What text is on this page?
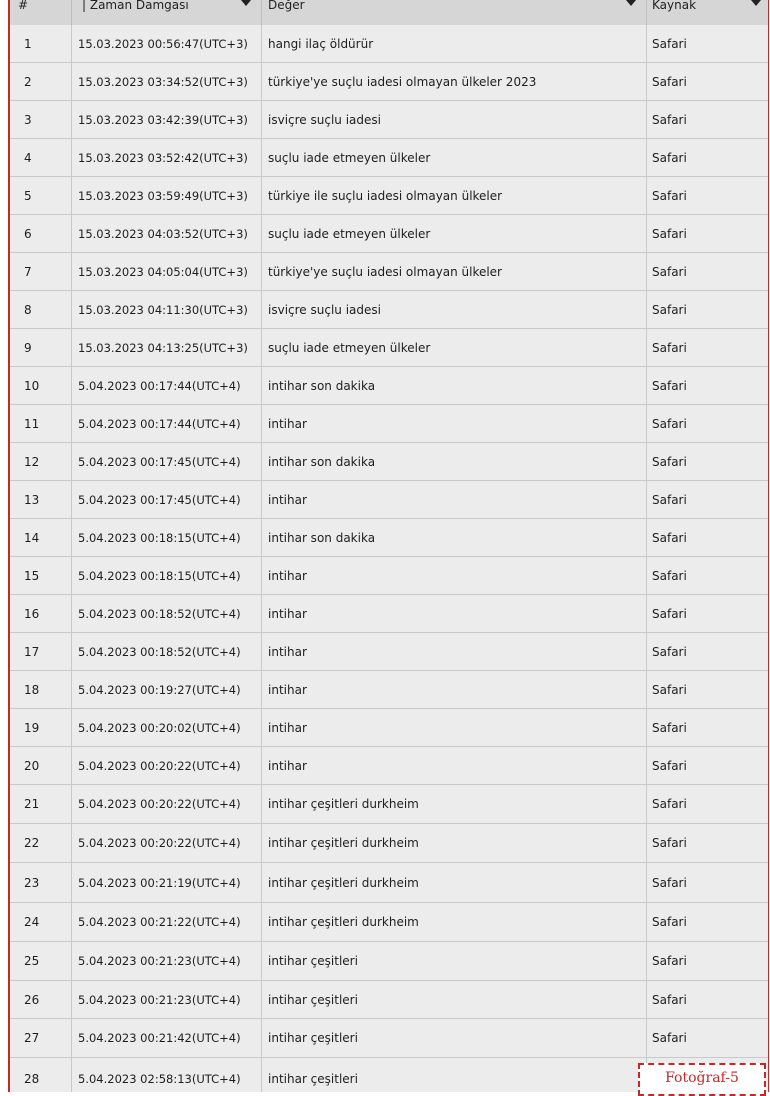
#	| Zaman Damgası	Değer	Kaynak
1	15.03.2023 00:56:47(UTC+3)	hangi ilaç öldürür	Safari
2	15.03.2023 03:34:52(UTC+3)	türkiye'ye suçlu iadesi olmayan ülkeler 2023	Safari
3	15.03.2023 03:42:39(UTC+3)	isviçre suçlu iadesi	Safari
4	15.03.2023 03:52:42(UTC+3)	suçlu iade etmeyen ülkeler	Safari
5	15.03.2023 03:59:49(UTC+3)	türkiye ile suçlu iadesi olmayan ülkeler	Safari
6	15.03.2023 04:03:52(UTC+3)	suçlu iade etmeyen ülkeler	Safari
7	15.03.2023 04:05:04(UTC+3)	türkiye'ye suçlu iadesi olmayan ülkeler	Safari
8	15.03.2023 04:11:30(UTC+3)	isviçre suçlu iadesi	Safari
9	15.03.2023 04:13:25(UTC+3)	suçlu iade etmeyen ülkeler	Safari
10	5.04.2023 00:17:44(UTC+4)	intihar son dakika	Safari
11	5.04.2023 00:17:44(UTC+4)	intihar	Safari
12	5.04.2023 00:17:45(UTC+4)	intihar son dakika	Safari
13	5.04.2023 00:17:45(UTC+4)	intihar	Safari
14	5.04.2023 00:18:15(UTC+4)	intihar son dakika	Safari
15	5.04.2023 00:18:15(UTC+4)	intihar	Safari
16	5.04.2023 00:18:52(UTC+4)	intihar	Safari
17	5.04.2023 00:18:52(UTC+4)	intihar	Safari
18	5.04.2023 00:19:27(UTC+4)	intihar	Safari
19	5.04.2023 00:20:02(UTC+4)	intihar	Safari
20	5.04.2023 00:20:22(UTC+4)	intihar	Safari
21	5.04.2023 00:20:22(UTC+4)	intihar çeşitleri durkheim	Safari
22	5.04.2023 00:20:22(UTC+4)	intihar çeşitleri durkheim	Safari
23	5.04.2023 00:21:19(UTC+4)	intihar çeşitleri durkheim	Safari
24	5.04.2023 00:21:22(UTC+4)	intihar çeşitleri durkheim	Safari
25	5.04.2023 00:21:23(UTC+4)	intihar çeşitleri	Safari
26	5.04.2023 00:21:23(UTC+4)	intihar çeşitleri	Safari
27	5.04.2023 00:21:42(UTC+4)	intihar çeşitleri	Safari
28	5.04.2023 02:58:13(UTC+4)	intihar çeşitleri	Fotoğraf-5
